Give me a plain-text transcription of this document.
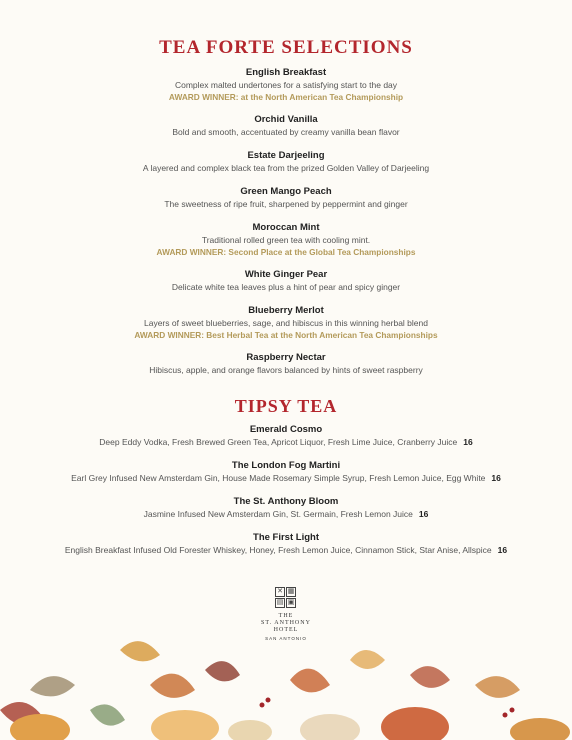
TEA FORTE SELECTIONS
English Breakfast
Complex malted undertones for a satisfying start to the day
AWARD WINNER: at the North American Tea Championship
Orchid Vanilla
Bold and smooth, accentuated by creamy vanilla bean flavor
Estate Darjeeling
A layered and complex black tea from the prized Golden Valley of Darjeeling
Green Mango Peach
The sweetness of ripe fruit, sharpened by peppermint and ginger
Moroccan Mint
Traditional rolled green tea with cooling mint.
AWARD WINNER: Second Place at the Global Tea Championships
White Ginger Pear
Delicate white tea leaves plus a hint of pear and spicy ginger
Blueberry Merlot
Layers of sweet blueberries, sage, and hibiscus in this winning herbal blend
AWARD WINNER: Best Herbal Tea at the North American Tea Championships
Raspberry Nectar
Hibiscus, apple, and orange flavors balanced by hints of sweet raspberry
TIPSY TEA
Emerald Cosmo
Deep Eddy Vodka, Fresh Brewed Green Tea, Apricot Liquor, Fresh Lime Juice, Cranberry Juice 16
The London Fog Martini
Earl Grey Infused New Amsterdam Gin, House Made Rosemary Simple Syrup, Fresh Lemon Juice, Egg White 16
The St. Anthony Bloom
Jasmine Infused New Amsterdam Gin, St. Germain, Fresh Lemon Juice 16
The First Light
English Breakfast Infused Old Forester Whiskey, Honey, Fresh Lemon Juice, Cinnamon Stick, Star Anise, Allspice 16
✕ ▦
▤ ▣
THE
ST. ANTHONY
HOTEL
SAN ANTONIO
